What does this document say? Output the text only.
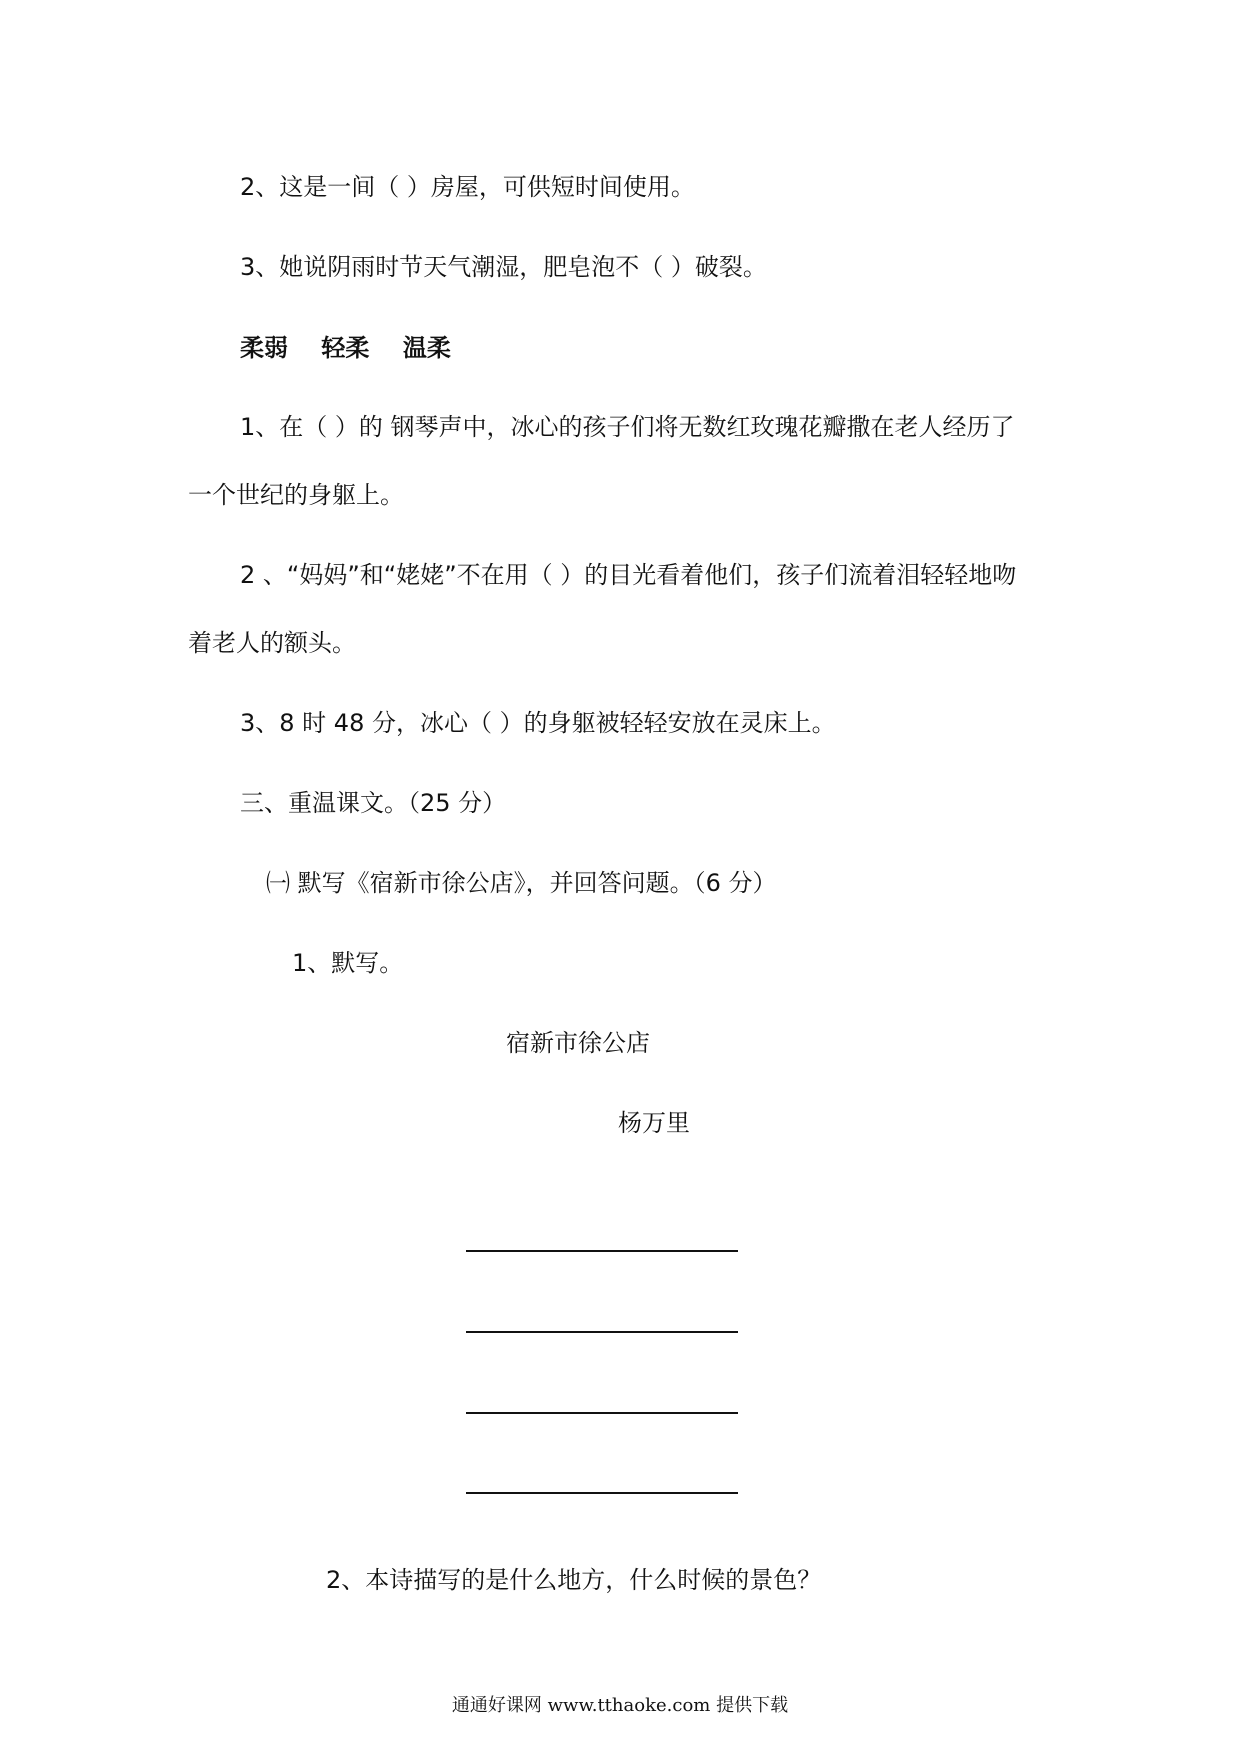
2、这是一间（ ）房屋，可供短时间使用。
3、她说阴雨时节天气潮湿，肥皂泡不（ ）破裂。
柔弱    轻柔    温柔
1、在（ ）的 钢琴声中，冰心的孩子们将无数红玫瑰花瓣撒在老人经历了
一个世纪的身躯上。
2 、“妈妈”和“姥姥”不在用（ ）的目光看着他们，孩子们流着泪轻轻地吻
着老人的额头。
3、8 时 48 分，冰心（ ）的身躯被轻轻安放在灵床上。
三、重温课文。（25 分）
㈠ 默写《宿新市徐公店》，并回答问题。（6 分）
1、默写。
宿新市徐公店
杨万里
2、本诗描写的是什么地方，什么时候的景色？
通通好课网 www.tthaoke.com 提供下载
